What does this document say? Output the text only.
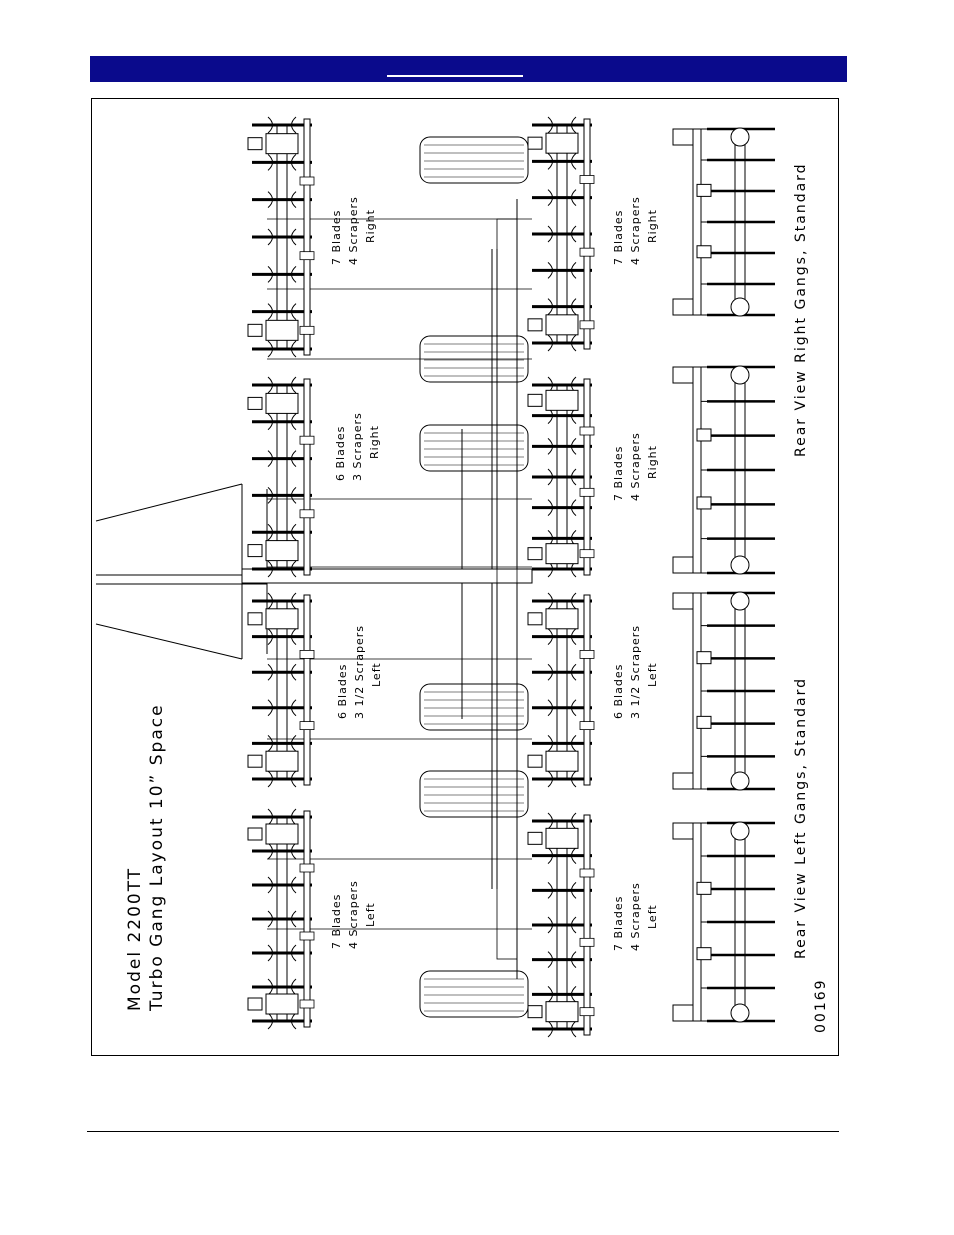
Model 2200TT Turbo Gang Layout 10” Space	7 Blades 4 Scrapers Left
6 Blades 3 1/2 Scrapers Left
6 Blades 3 Scrapers Right
7 Blades 4 Scrapers Right
7 Blades 4 Scrapers Left
6 Blades 3 1/2 Scrapers Left
7 Blades 4 Scrapers Right
7 Blades 4 Scrapers Right
Rear View Left Gangs, Standard
Rear View Right Gangs, Standard
00169
